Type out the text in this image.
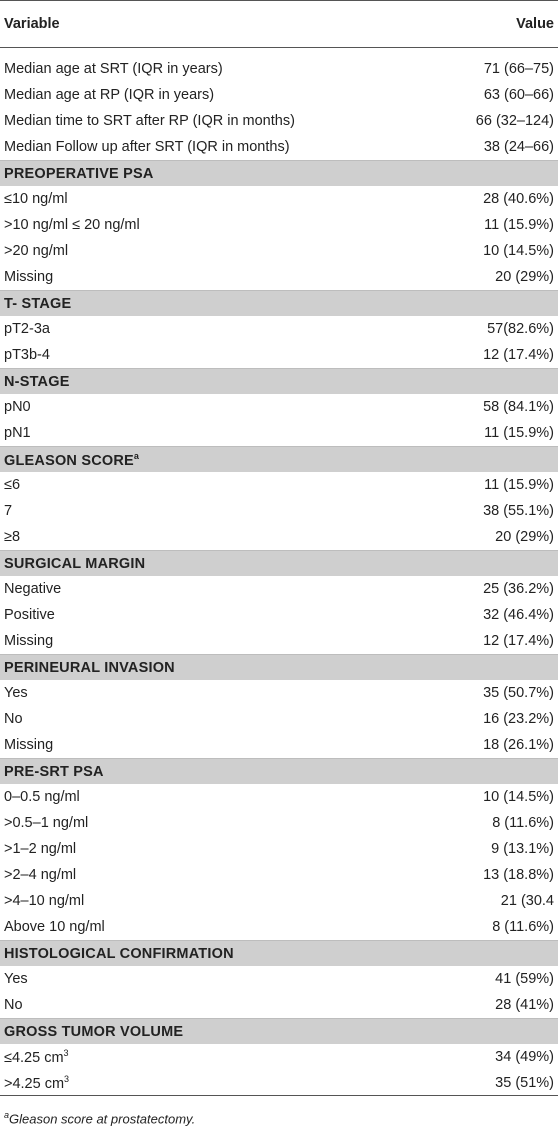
Variable	Value
Median age at SRT (IQR in years)	71 (66–75)
Median age at RP (IQR in years)	63 (60–66)
Median time to SRT after RP (IQR in months)	66 (32–124)
Median Follow up after SRT (IQR in months)	38 (24–66)
PREOPERATIVE PSA
≤10 ng/ml	28 (40.6%)
>10 ng/ml ≤ 20 ng/ml	11 (15.9%)
>20 ng/ml	10 (14.5%)
Missing	20 (29%)
T- STAGE
pT2-3a	57(82.6%)
pT3b-4	12 (17.4%)
N-STAGE
pN0	58 (84.1%)
pN1	11 (15.9%)
GLEASON $SCORE^a$
≤6	11 (15.9%)
7	38 (55.1%)
≥8	20 (29%)
SURGICAL MARGIN
Negative	25 (36.2%)
Positive	32 (46.4%)
Missing	12 (17.4%)
PERINEURAL INVASION
Yes	35 (50.7%)
No	16 (23.2%)
Missing	18 (26.1%)
PRE-SRT PSA
0–0.5 ng/ml	10 (14.5%)
>0.5–1 ng/ml	8 (11.6%)
>1–2 ng/ml	9 (13.1%)
>2–4 ng/ml	13 (18.8%)
>4–10 ng/ml	21 (30.4
Above 10 ng/ml	8 (11.6%)
HISTOLOGICAL CONFIRMATION
Yes	41 (59%)
No	28 (41%)
GROSS TUMOR VOLUME
≤4.25 $cm^3$	34 (49%)
>4.25 $cm^3$	35 (51%)
$^a$Gleason score at prostatectomy.
